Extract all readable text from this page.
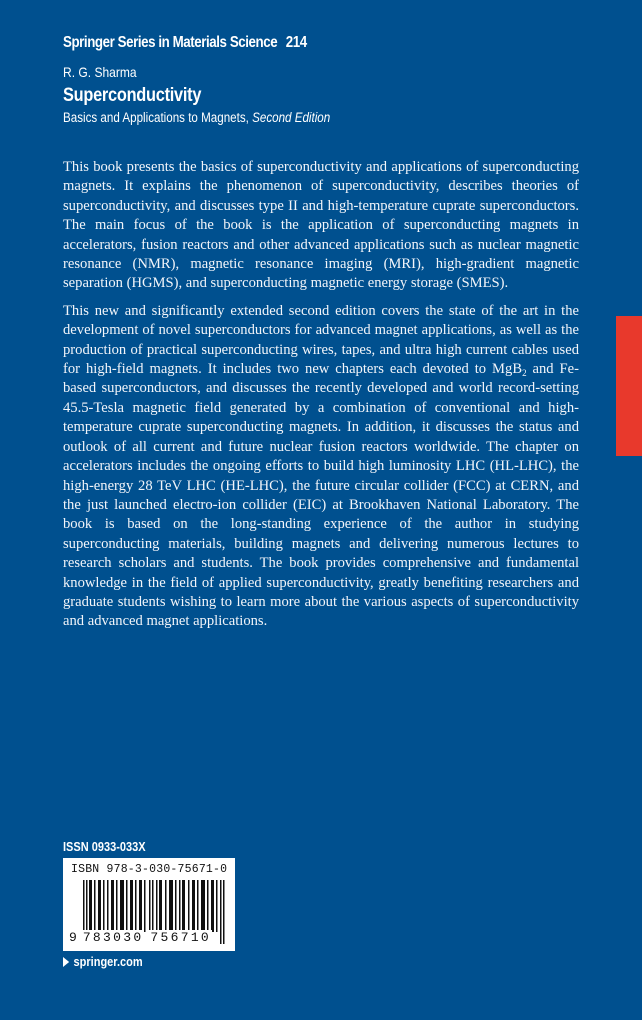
Springer Series in Materials Science 214
R. G. Sharma
Superconductivity
Basics and Applications to Magnets, Second Edition

This book presents the basics of superconductivity and applications of superconducting magnets. It explains the phenomenon of superconductivity, describes theories of superconductivity, and discusses type II and high-temperature cuprate superconductors. The main focus of the book is the application of superconducting magnets in accelerators, fusion reactors and other advanced applications such as nuclear magnetic resonance (NMR), magnetic resonance imaging (MRI), high-gradient magnetic separation (HGMS), and superconducting magnetic energy storage (SMES).

This new and significantly extended second edition covers the state of the art in the development of novel superconductors for advanced magnet applications, as well as the production of practical superconducting wires, tapes, and ultra high current cables used for high-field magnets. It includes two new chapters each devoted to MgB$_2$ and Fe-based superconductors, and discusses the recently developed and world record-setting 45.5-Tesla magnetic field generated by a combination of conventional and high-temperature cuprate superconducting magnets. In addition, it discusses the status and outlook of all current and future nuclear fusion reactors worldwide. The chapter on accelerators includes the ongoing efforts to build high luminosity LHC (HL-LHC), the high-energy 28 TeV LHC (HE-LHC), the future circular collider (FCC) at CERN, and the just launched electro-ion collider (EIC) at Brookhaven National Laboratory. The book is based on the long-standing experience of the author in studying superconducting materials, building magnets and delivering numerous lectures to research scholars and students. The book provides comprehensive and fundamental knowledge in the field of applied superconductivity, greatly benefiting researchers and graduate students wishing to learn more about the various aspects of superconductivity and advanced magnet applications.

ISSN 0933-033X
ISBN 978-3-030-75671-0
9 783030 756710
springer.com
